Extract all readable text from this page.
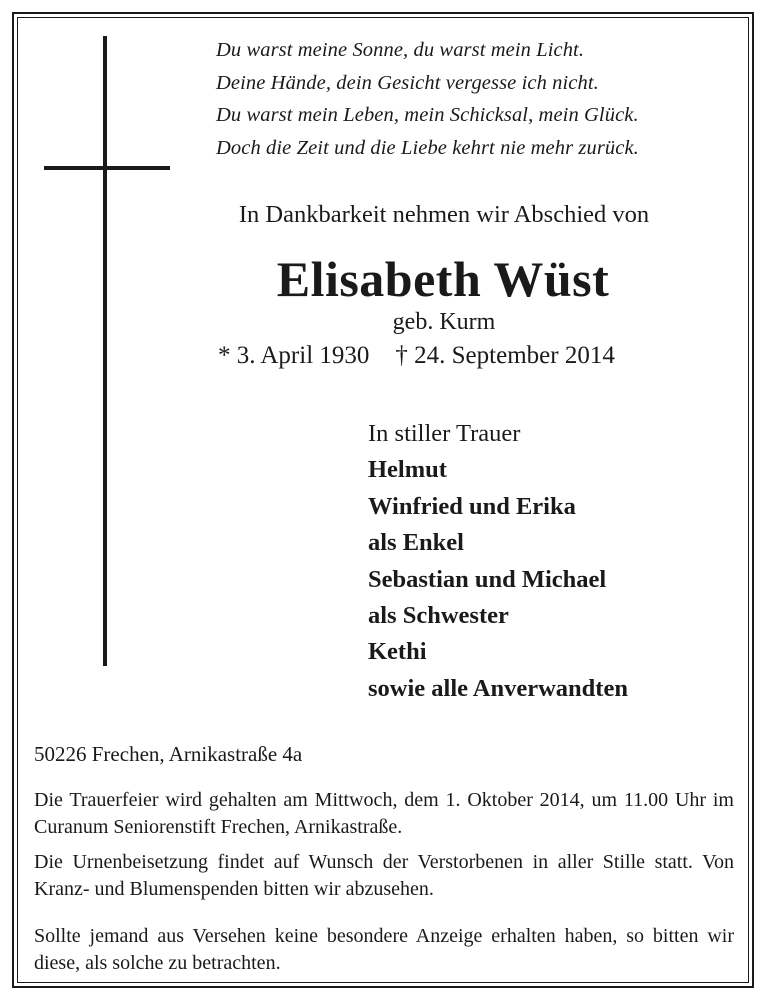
Du warst meine Sonne, du warst mein Licht.
Deine Hände, dein Gesicht vergesse ich nicht.
Du warst mein Leben, mein Schicksal, mein Glück.
Doch die Zeit und die Liebe kehrt nie mehr zurück.
In Dankbarkeit nehmen wir Abschied von
Elisabeth Wüst
geb. Kurm
* 3. April 1930 † 24. September 2014
In stiller Trauer
Helmut
Winfried und Erika
als Enkel
Sebastian und Michael
als Schwester
Kethi
sowie alle Anverwandten
50226 Frechen, Arnikastraße 4a
Die Trauerfeier wird gehalten am Mittwoch, dem 1. Oktober 2014, um 11.00 Uhr im Curanum Seniorenstift Frechen, Arnikastraße.
Die Urnenbeisetzung findet auf Wunsch der Verstorbenen in aller Stille statt. Von Kranz- und Blumenspenden bitten wir abzusehen.
Sollte jemand aus Versehen keine besondere Anzeige erhalten haben, so bitten wir diese, als solche zu betrachten.
